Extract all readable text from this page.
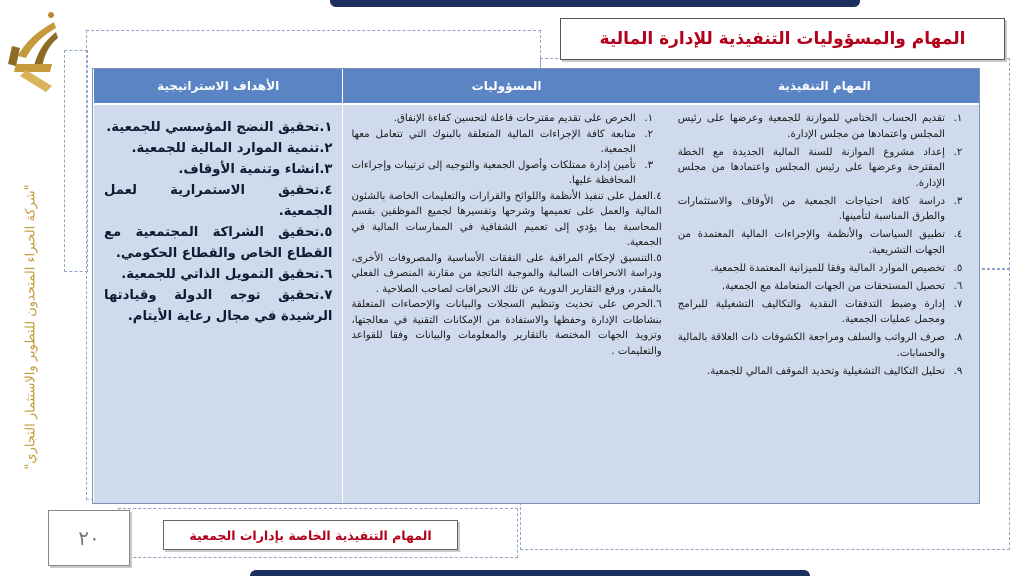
"شركة الخبراء المتحدون للتطوير والاستثمار التجاري"
المهام والمسؤوليات التنفيذية للإدارة المالية
الأهداف الاستراتيجية
١.تحقيق النضج المؤسسي للجمعية.
٢.تنمية الموارد المالية للجمعية.
٣.انشاء وتنمية الأوقاف.
٤.تحقيق الاستمرارية لعمل الجمعية.
٥.تحقيق الشراكة المجتمعية مع القطاع الخاص والقطاع الحكومي.
٦.تحقيق التمويل الذاتي للجمعية.
٧.تحقيق توجه الدولة وقيادتها الرشيدة في مجال رعاية الأيتام.
المسؤوليات
١.
الحرص على تقديم مقترحات فاعلة لتحسين كفاءة الإنفاق.
٢.
متابعة كافة الإجراءات المالية المتعلقة بالبنوك التي تتعامل معها الجمعية.
٣.
تأمين إدارة ممتلكات وأصول الجمعية والتوجيه إلى ترتيبات وإجراءات المحافظة عليها.
٤.العمل على تنفيذ الأنظمة واللوائح والقرارات والتعليمات الخاصة بالشئون المالية والعمل على تعميمها وشرحها وتفسيرها لجميع الموظفين بقسم المحاسبة بما يؤدي إلى تعميم الشفافية في الممارسات المالية في الجمعية.
٥.التنسيق لإحكام المراقبة على النفقات الأساسية والمصروفات الأخرى، ودراسة الانحرافات السالبة والموجبة الناتجة من مقارنة المنصرف الفعلي بالمقدر، ورفع التقارير الدورية عن تلك الانحرافات لصاحب الصلاحية .
٦.الحرص على تحديث وتنظيم السجلات والبيانات والإحصاءات المتعلقة بنشاطات الإدارة وحفظها والاستفادة من الإمكانات التقنية في معالجتها، وتزويد الجهات المختصة بالتقارير والمعلومات والبيانات وفقا للقواعد والتعليمات .
المهام التنفيذية
١.
تقديم الحساب الختامي للموازنة للجمعية وعرضها على رئيس المجلس واعتمادها من مجلس الإدارة.
٢.
إعداد مشروع الموازنة للسنة المالية الجديدة مع الخطة المقترحة وعرضها على رئيس المجلس واعتمادها من مجلس الإدارة.
٣.
دراسة كافة احتياجات الجمعية من الأوقاف والاستثمارات والطرق المناسبة لتأمينها.
٤.
تطبيق السياسات والأنظمة والإجراءات المالية المعتمدة من الجهات التشريعية.
٥.
تخصيص الموارد المالية وفقا للميزانية المعتمدة للجمعية.
٦.
تحصيل المستحقات من الجهات المتعاملة مع الجمعية.
٧.
إدارة وضبط التدفقات النقدية والتكاليف التشغيلية للبرامج ومجمل عمليات الجمعية.
٨.
صرف الرواتب والسلف ومراجعة الكشوفات ذات العلاقة بالمالية والحسابات.
٩.
تحليل التكاليف التشغيلية وتحديد الموقف المالي للجمعية.
٢٠	المهام التنفيذية الخاصة بإدارات الجمعية
